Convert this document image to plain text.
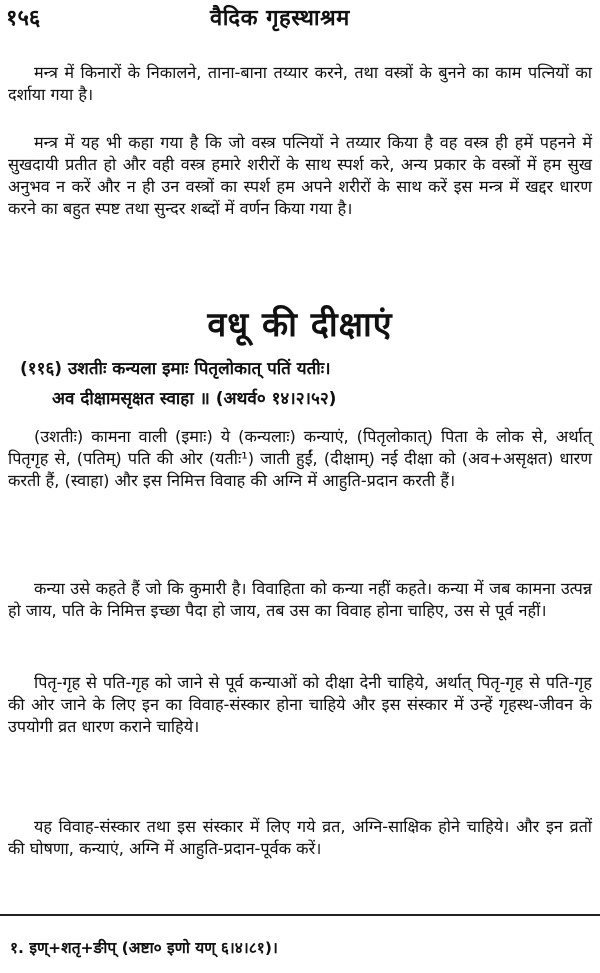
१५६	वैदिक गृहस्थाश्रम

मन्त्र में किनारों के निकालने, ताना-बाना तय्यार करने, तथा वस्त्रों के बुनने का काम पत्नियों का दर्शाया गया है।

मन्त्र में यह भी कहा गया है कि जो वस्त्र पत्नियों ने तय्यार किया है वह वस्त्र ही हमें पहनने में सुखदायी प्रतीत हो और वही वस्त्र हमारे शरीरों के साथ स्पर्श करे, अन्य प्रकार के वस्त्रों में हम सुख अनुभव न करें और न ही उन वस्त्रों का स्पर्श हम अपने शरीरों के साथ करें इस मन्त्र में खद्दर धारण करने का बहुत स्पष्ट तथा सुन्दर शब्दों में वर्णन किया गया है।

वधू की दीक्षाएं
(११६) उशतीः कन्यला इमाः पितृलोकात् पतिं यतीः।
अव दीक्षामसृक्षत स्वाहा ॥ (अथर्व० १४।२।५२)

(उशतीः) कामना वाली (इमाः) ये (कन्यलाः) कन्याएं, (पितृलोकात्) पिता के लोक से, अर्थात् पितृगृह से, (पतिम्) पति की ओर (यतीः¹) जाती हुईं, (दीक्षाम्) नई दीक्षा को (अव+असृक्षत) धारण करती हैं, (स्वाहा) और इस निमित्त विवाह की अग्नि में आहुति-प्रदान करती हैं।

कन्या उसे कहते हैं जो कि कुमारी है। विवाहिता को कन्या नहीं कहते। कन्या में जब कामना उत्पन्न हो जाय, पति के निमित्त इच्छा पैदा हो जाय, तब उस का विवाह होना चाहिए, उस से पूर्व नहीं।

पितृ-गृह से पति-गृह को जाने से पूर्व कन्याओं को दीक्षा देनी चाहिये, अर्थात् पितृ-गृह से पति-गृह की ओर जाने के लिए इन का विवाह-संस्कार होना चाहिये और इस संस्कार में उन्हें गृहस्थ-जीवन के उपयोगी व्रत धारण कराने चाहिये।

यह विवाह-संस्कार तथा इस संस्कार में लिए गये व्रत, अग्नि-साक्षिक होने चाहिये। और इन व्रतों की घोषणा, कन्याएं, अग्नि में आहुति-प्रदान-पूर्वक करें।

१. इण्+शतृ+ङीप् (अष्टा० इणो यण् ६।४।८१)।
